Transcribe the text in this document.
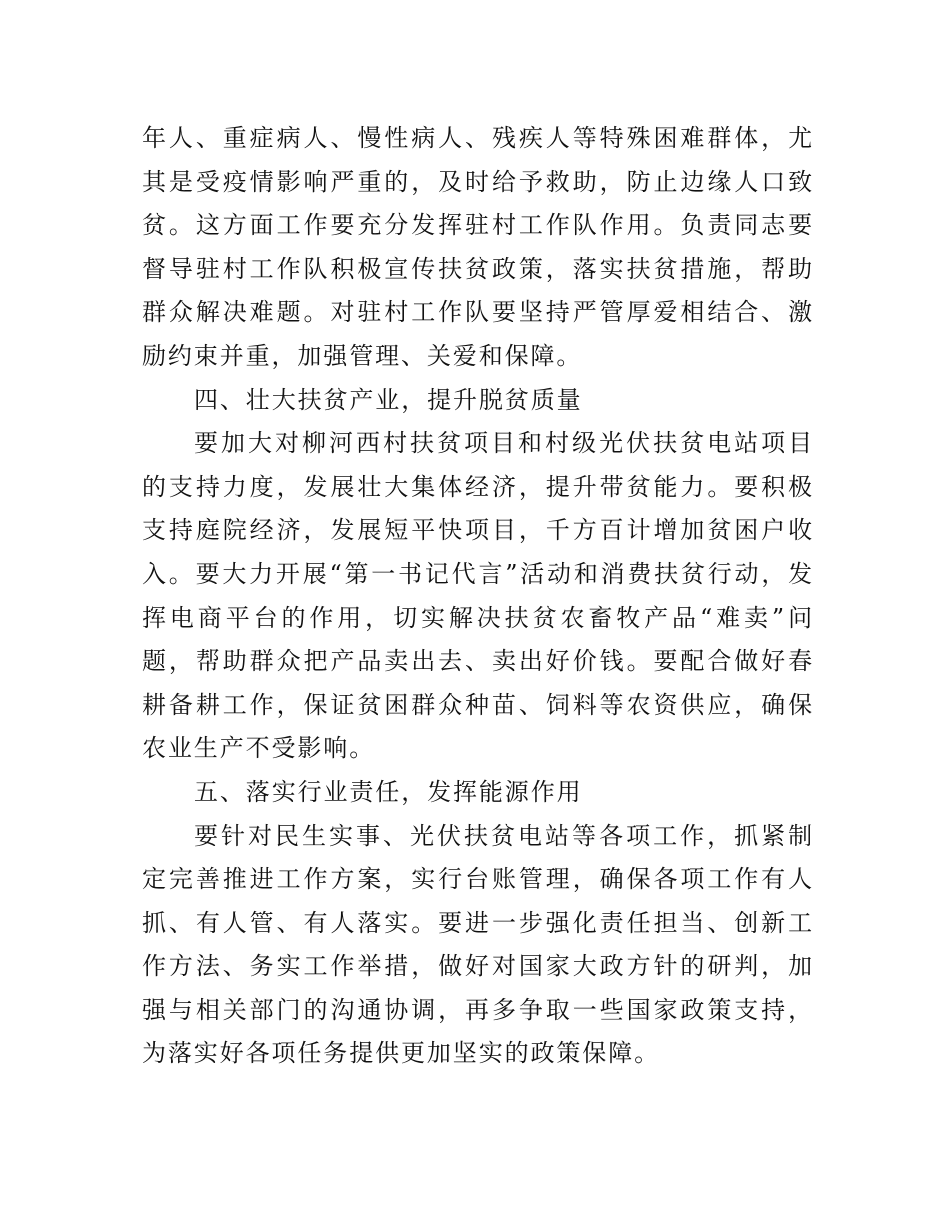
年人、重症病人、慢性病人、残疾人等特殊困难群体，尤其是受疫情影响严重的，及时给予救助，防止边缘人口致贫。这方面工作要充分发挥驻村工作队作用。负责同志要督导驻村工作队积极宣传扶贫政策，落实扶贫措施，帮助群众解决难题。对驻村工作队要坚持严管厚爱相结合、激励约束并重，加强管理、关爱和保障。

四、壮大扶贫产业，提升脱贫质量

要加大对柳河西村扶贫项目和村级光伏扶贫电站项目的支持力度，发展壮大集体经济，提升带贫能力。要积极支持庭院经济，发展短平快项目，千方百计增加贫困户收入。要大力开展“第一书记代言”活动和消费扶贫行动，发挥电商平台的作用，切实解决扶贫农畜牧产品“难卖”问题，帮助群众把产品卖出去、卖出好价钱。要配合做好春耕备耕工作，保证贫困群众种苗、饲料等农资供应，确保农业生产不受影响。

五、落实行业责任，发挥能源作用

要针对民生实事、光伏扶贫电站等各项工作，抓紧制定完善推进工作方案，实行台账管理，确保各项工作有人抓、有人管、有人落实。要进一步强化责任担当、创新工作方法、务实工作举措，做好对国家大政方针的研判，加强与相关部门的沟通协调，再多争取一些国家政策支持，为落实好各项任务提供更加坚实的政策保障。
